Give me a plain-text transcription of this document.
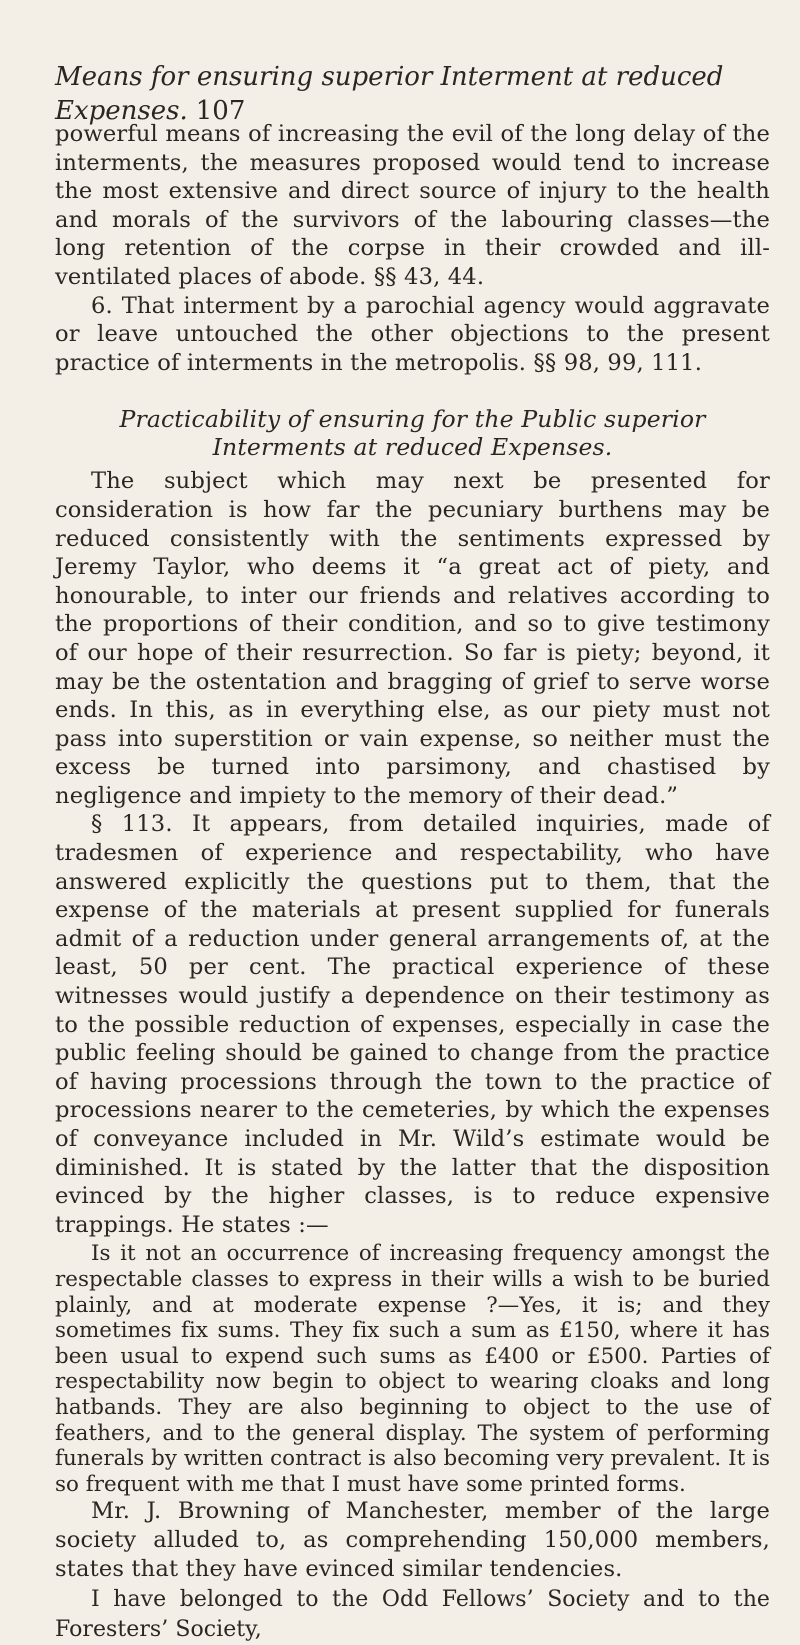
Means for ensuring superior Interment at reduced Expenses. 107

powerful means of increasing the evil of the long delay of the interments, the measures proposed would tend to increase the most extensive and direct source of injury to the health and morals of the survivors of the labouring classes—the long retention of the corpse in their crowded and ill-ventilated places of abode. §§ 43, 44.

6. That interment by a parochial agency would aggravate or leave untouched the other objections to the present practice of interments in the metropolis. §§ 98, 99, 111.

Practicability of ensuring for the Public superior Interments at reduced Expenses.

The subject which may next be presented for consideration is how far the pecuniary burthens may be reduced consistently with the sentiments expressed by Jeremy Taylor, who deems it “a great act of piety, and honourable, to inter our friends and relatives according to the proportions of their condition, and so to give testimony of our hope of their resurrection. So far is piety; beyond, it may be the ostentation and bragging of grief to serve worse ends. In this, as in everything else, as our piety must not pass into superstition or vain expense, so neither must the excess be turned into parsimony, and chastised by negligence and impiety to the memory of their dead.”

§ 113. It appears, from detailed inquiries, made of tradesmen of experience and respectability, who have answered explicitly the questions put to them, that the expense of the materials at present supplied for funerals admit of a reduction under general arrangements of, at the least, 50 per cent. The practical experience of these witnesses would justify a dependence on their testimony as to the possible reduction of expenses, especially in case the public feeling should be gained to change from the practice of having processions through the town to the practice of processions nearer to the cemeteries, by which the expenses of conveyance included in Mr. Wild’s estimate would be diminished. It is stated by the latter that the disposition evinced by the higher classes, is to reduce expensive trappings. He states :—

Is it not an occurrence of increasing frequency amongst the respectable classes to express in their wills a wish to be buried plainly, and at moderate expense ?—Yes, it is; and they sometimes fix sums. They fix such a sum as £150, where it has been usual to expend such sums as £400 or £500. Parties of respectability now begin to object to wearing cloaks and long hatbands. They are also beginning to object to the use of feathers, and to the general display. The system of performing funerals by written contract is also becoming very prevalent. It is so frequent with me that I must have some printed forms.

Mr. J. Browning of Manchester, member of the large society alluded to, as comprehending 150,000 members, states that they have evinced similar tendencies.

I have belonged to the Odd Fellows’ Society and to the Foresters’ Society,
